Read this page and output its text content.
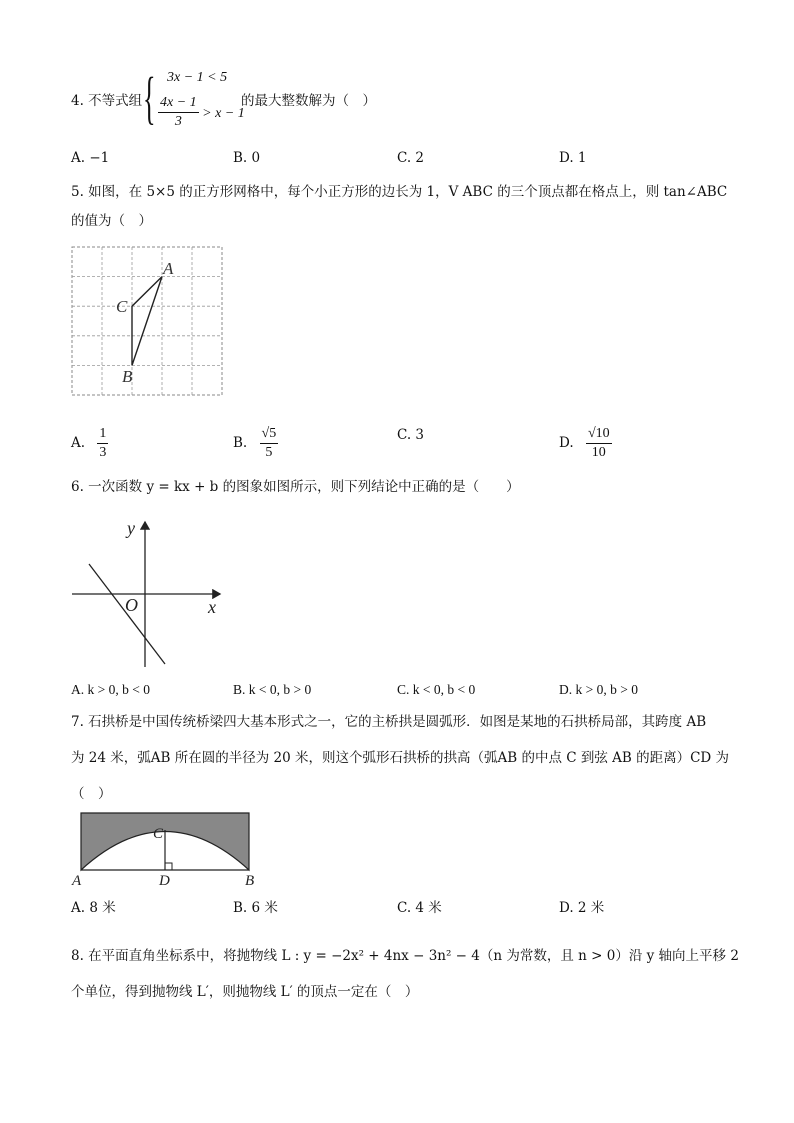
4. 不等式组 { 3x − 1 < 5
$\frac{4x - 1}{3} > x - 1$
的最大整数解为（　）
A. −1	B. 0	C. 2	D. 1
5. 如图，在 5×5 的正方形网格中，每个小正方形的边长为 1，V ABC 的三个顶点都在格点上，则 tan∠ABC
的值为（　）
A
C
B
A. $\frac{1}{3}$	B. $\frac{√5}{5}$	C. 3	D. $\frac{√10}{10}$
6. 一次函数 y = kx + b 的图象如图所示，则下列结论中正确的是（　　）
y
x
O
A. k > 0, b < 0	B. k < 0, b > 0	C. k < 0, b < 0	D. k > 0, b > 0
7. 石拱桥是中国传统桥梁四大基本形式之一，它的主桥拱是圆弧形．如图是某地的石拱桥局部，其跨度 AB
为 24 米，弧AB 所在圆的半径为 20 米，则这个弧形石拱桥的拱高（弧AB 的中点 C 到弦 AB 的距离）CD 为
（　）
C
A	D	B
A. 8 米	B. 6 米	C. 4 米	D. 2 米
8. 在平面直角坐标系中，将抛物线 L : y = −2x² + 4nx − 3n² − 4（n 为常数，且 n > 0）沿 y 轴向上平移 2
个单位，得到抛物线 L′，则抛物线 L′ 的顶点一定在（　）
